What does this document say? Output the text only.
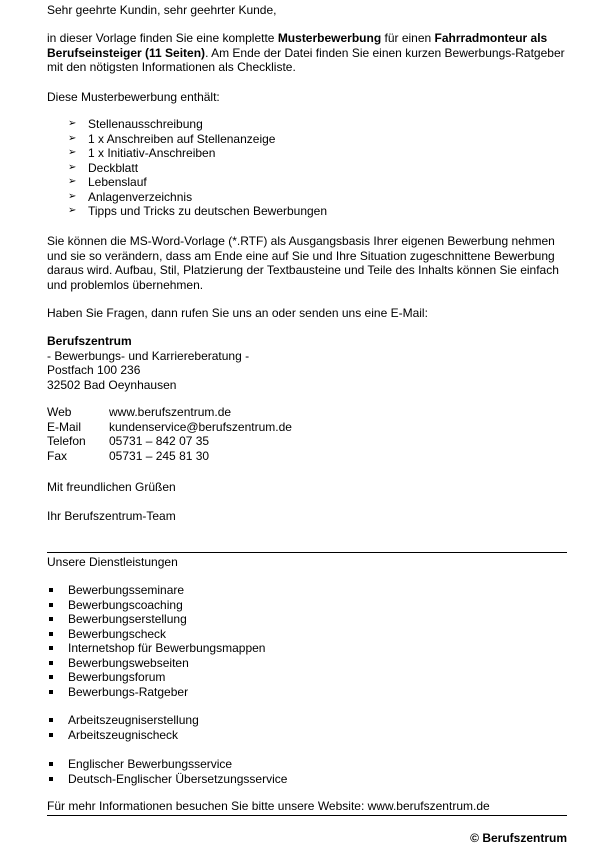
Sehr geehrte Kundin, sehr geehrter Kunde,

in dieser Vorlage finden Sie eine komplette Musterbewerbung für einen Fahrradmonteur als Berufseinsteiger (11 Seiten). Am Ende der Datei finden Sie einen kurzen Bewerbungs-Ratgeber mit den nötigsten Informationen als Checkliste.

Diese Musterbewerbung enthält:

➢ Stellenausschreibung
➢ 1 x Anschreiben auf Stellenanzeige
➢ 1 x Initiativ-Anschreiben
➢ Deckblatt
➢ Lebenslauf
➢ Anlagenverzeichnis
➢ Tipps und Tricks zu deutschen Bewerbungen

Sie können die MS-Word-Vorlage (*.RTF) als Ausgangsbasis Ihrer eigenen Bewerbung nehmen und sie so verändern, dass am Ende eine auf Sie und Ihre Situation zugeschnittene Bewerbung daraus wird. Aufbau, Stil, Platzierung der Textbausteine und Teile des Inhalts können Sie einfach und problemlos übernehmen.

Haben Sie Fragen, dann rufen Sie uns an oder senden uns eine E-Mail:

Berufszentrum
- Bewerbungs- und Karriereberatung -
Postfach 100 236
32502 Bad Oeynhausen
Web	www.berufszentrum.de
E-Mail	kundenservice@berufszentrum.de
Telefon	05731 – 842 07 35
Fax	05731 – 245 81 30

Mit freundlichen Grüßen

Ihr Berufszentrum-Team

Unsere Dienstleistungen

Bewerbungsseminare
Bewerbungscoaching
Bewerbungserstellung
Bewerbungscheck
Internetshop für Bewerbungsmappen
Bewerbungswebseiten
Bewerbungsforum
Bewerbungs-Ratgeber
Arbeitszeugniserstellung
Arbeitszeugnischeck
Englischer Bewerbungsservice
Deutsch-Englischer Übersetzungsservice

Für mehr Informationen besuchen Sie bitte unsere Website: www.berufszentrum.de

© Berufszentrum
